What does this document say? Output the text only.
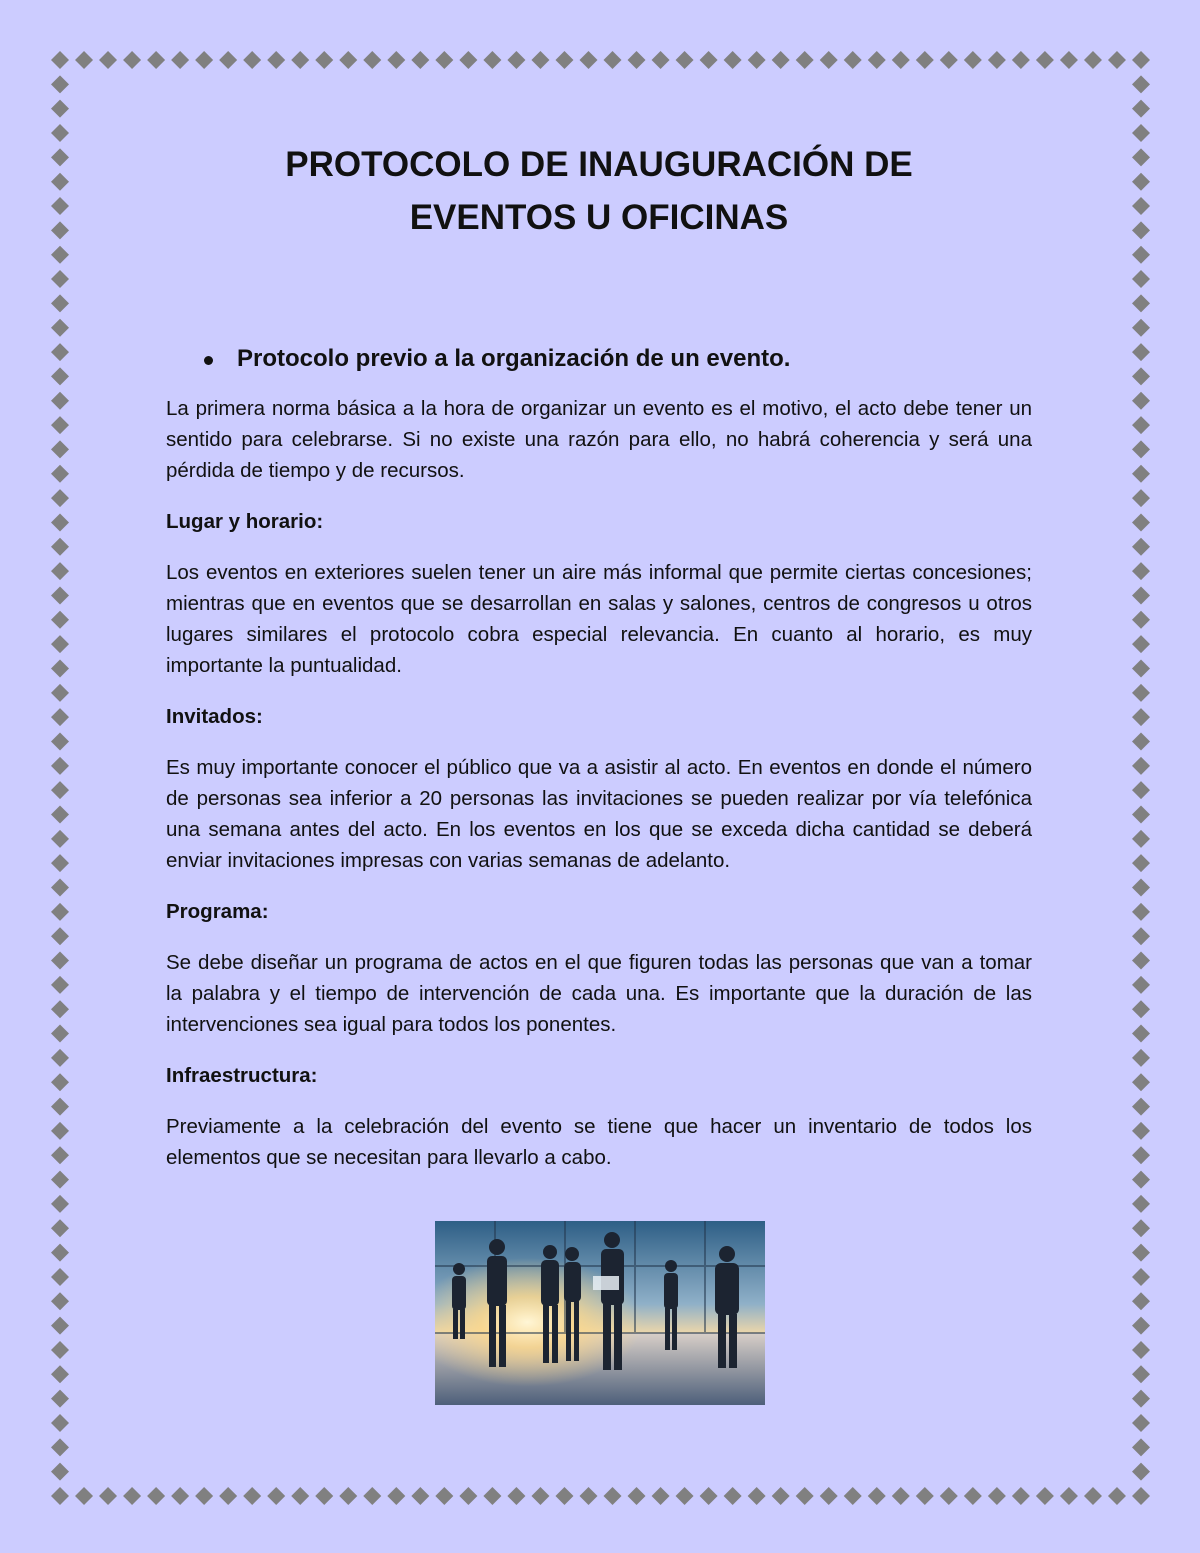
PROTOCOLO DE INAUGURACIÓN DE
EVENTOS U OFICINAS
Protocolo previo a la organización de un evento.

La primera norma básica a la hora de organizar un evento es el motivo, el acto debe tener un sentido para celebrarse. Si no existe una razón para ello, no habrá coherencia y será una pérdida de tiempo y de recursos.

Lugar y horario:

Los eventos en exteriores suelen tener un aire más informal que permite ciertas concesiones; mientras que en eventos que se desarrollan en salas y salones, centros de congresos u otros lugares similares el protocolo cobra especial relevancia. En cuanto al horario, es muy importante la puntualidad.

Invitados:

Es muy importante conocer el público que va a asistir al acto. En eventos en donde el número de personas sea inferior a 20 personas las invitaciones se pueden realizar por vía telefónica una semana antes del acto. En los eventos en los que se exceda dicha cantidad se deberá enviar invitaciones impresas con varias semanas de adelanto.

Programa:

Se debe diseñar un programa de actos en el que figuren todas las personas que van a tomar la palabra y el tiempo de intervención de cada una. Es importante que la duración de las intervenciones sea igual para todos los ponentes.

Infraestructura:

Previamente a la celebración del evento se tiene que hacer un inventario de todos los elementos que se necesitan para llevarlo a cabo.
